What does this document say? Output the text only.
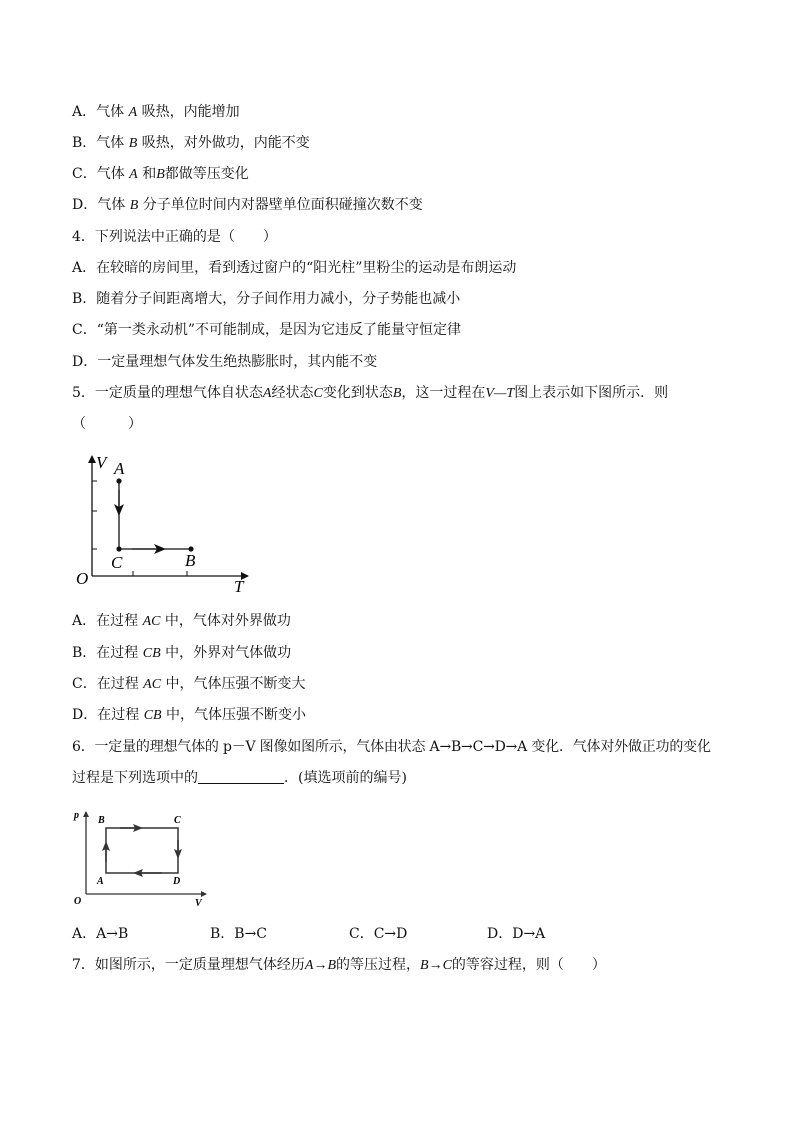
A．气体 A 吸热，内能增加
B．气体 B 吸热，对外做功，内能不变
C．气体 A 和B都做等压变化
D．气体 B 分子单位时间内对器壁单位面积碰撞次数不变
4．下列说法中正确的是（　　）
A．在较暗的房间里，看到透过窗户的“阳光柱”里粉尘的运动是布朗运动
B．随着分子间距离增大，分子间作用力减小，分子势能也减小
C．“第一类永动机”不可能制成，是因为它违反了能量守恒定律
D．一定量理想气体发生绝热膨胀时，其内能不变
5．一定质量的理想气体自状态A经状态C变化到状态B，这一过程在V—T图上表示如下图所示．则
（　　　）
V A
C	B
O	T
A．在过程 AC 中，气体对外界做功
B．在过程 CB 中，外界对气体做功
C．在过程 AC 中，气体压强不断变大
D．在过程 CB 中，气体压强不断变小
6．一定量的理想气体的 p－V 图像如图所示，气体由状态 A→B→C→D→A 变化．气体对外做正功的变化
过程是下列选项中的	．(填选项前的编号)
p B	C
A	D
O	V
A．A→B	B．B→C	C．C→D	D．D→A
7．如图所示，一定质量理想气体经历A→B的等压过程，B→C的等容过程，则（　　）
